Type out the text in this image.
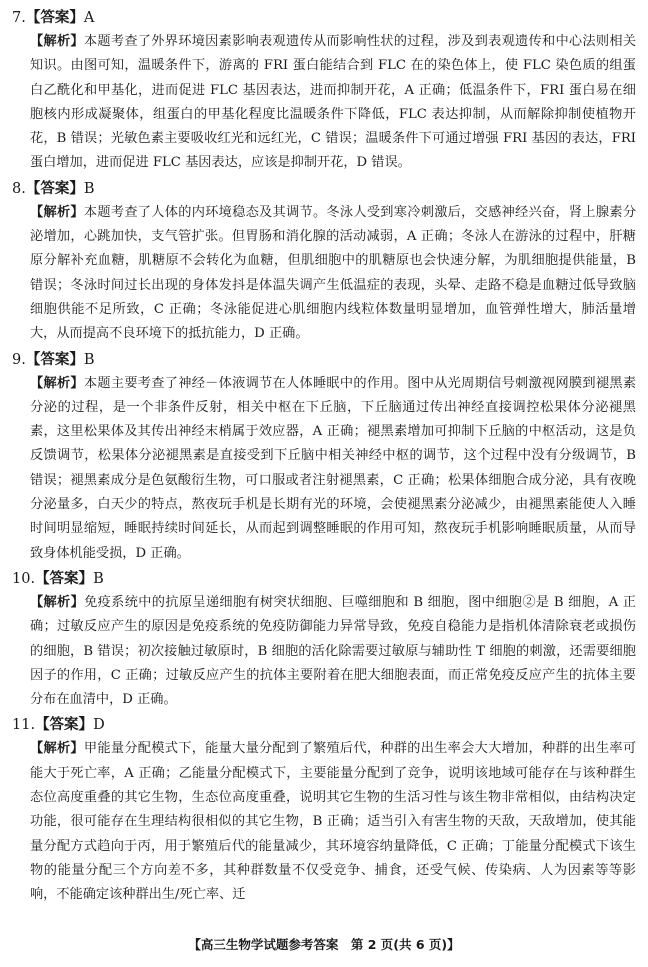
7.【答案】A
【解析】本题考查了外界环境因素影响表观遗传从而影响性状的过程，涉及到表观遗传和中心法则相关知识。由图可知，温暖条件下，游离的 FRI 蛋白能结合到 FLC 在的染色体上，使 FLC 染色质的组蛋白乙酰化和甲基化，进而促进 FLC 基因表达，进而抑制开花，A 正确；低温条件下，FRI 蛋白易在细胞核内形成凝聚体，组蛋白的甲基化程度比温暖条件下降低，FLC 表达抑制，从而解除抑制使植物开花，B 错误；光敏色素主要吸收红光和远红光，C 错误；温暖条件下可通过增强 FRI 基因的表达，FRI 蛋白增加，进而促进 FLC 基因表达，应该是抑制开花，D 错误。
8.【答案】B
【解析】本题考查了人体的内环境稳态及其调节。冬泳人受到寒冷刺激后，交感神经兴奋，肾上腺素分泌增加，心跳加快，支气管扩张。但胃肠和消化腺的活动减弱，A 正确；冬泳人在游泳的过程中，肝糖原分解补充血糖，肌糖原不会转化为血糖，但肌细胞中的肌糖原也会快速分解，为肌细胞提供能量，B 错误；冬泳时间过长出现的身体发抖是体温失调产生低温症的表现，头晕、走路不稳是血糖过低导致脑细胞供能不足所致，C 正确；冬泳能促进心肌细胞内线粒体数量明显增加，血管弹性增大，肺活量增大，从而提高不良环境下的抵抗能力，D 正确。
9.【答案】B
【解析】本题主要考查了神经－体液调节在人体睡眠中的作用。图中从光周期信号刺激视网膜到褪黑素分泌的过程，是一个非条件反射，相关中枢在下丘脑，下丘脑通过传出神经直接调控松果体分泌褪黑素，这里松果体及其传出神经末梢属于效应器，A 正确；褪黑素增加可抑制下丘脑的中枢活动，这是负反馈调节，松果体分泌褪黑素是直接受到下丘脑中相关神经中枢的调节，这个过程中没有分级调节，B 错误；褪黑素成分是色氨酸衍生物，可口服或者注射褪黑素，C 正确；松果体细胞合成分泌，具有夜晚分泌量多，白天少的特点，熬夜玩手机是长期有光的环境，会使褪黑素分泌减少，由褪黑素能使人入睡时间明显缩短，睡眠持续时间延长，从而起到调整睡眠的作用可知，熬夜玩手机影响睡眠质量，从而导致身体机能受损，D 正确。
10.【答案】B
【解析】免疫系统中的抗原呈递细胞有树突状细胞、巨噬细胞和 B 细胞，图中细胞②是 B 细胞，A 正确；过敏反应产生的原因是免疫系统的免疫防御能力异常导致，免疫自稳能力是指机体清除衰老或损伤的细胞，B 错误；初次接触过敏原时，B 细胞的活化除需要过敏原与辅助性 T 细胞的刺激，还需要细胞因子的作用，C 正确；过敏反应产生的抗体主要附着在肥大细胞表面，而正常免疫反应产生的抗体主要分布在血清中，D 正确。
11.【答案】D
【解析】甲能量分配模式下，能量大量分配到了繁殖后代，种群的出生率会大大增加，种群的出生率可能大于死亡率，A 正确；乙能量分配模式下，主要能量分配到了竞争，说明该地域可能存在与该种群生态位高度重叠的其它生物，生态位高度重叠，说明其它生物的生活习性与该生物非常相似，由结构决定功能，很可能存在生理结构很相似的其它生物，B 正确；适当引入有害生物的天敌，天敌增加，使其能量分配方式趋向于丙，用于繁殖后代的能量减少，其环境容纳量降低，C 正确；丁能量分配模式下该生物的能量分配三个方向差不多，其种群数量不仅受竞争、捕食，还受气候、传染病、人为因素等等影响，不能确定该种群出生/死亡率、迁
【高三生物学试题参考答案　第 2 页(共 6 页)】
